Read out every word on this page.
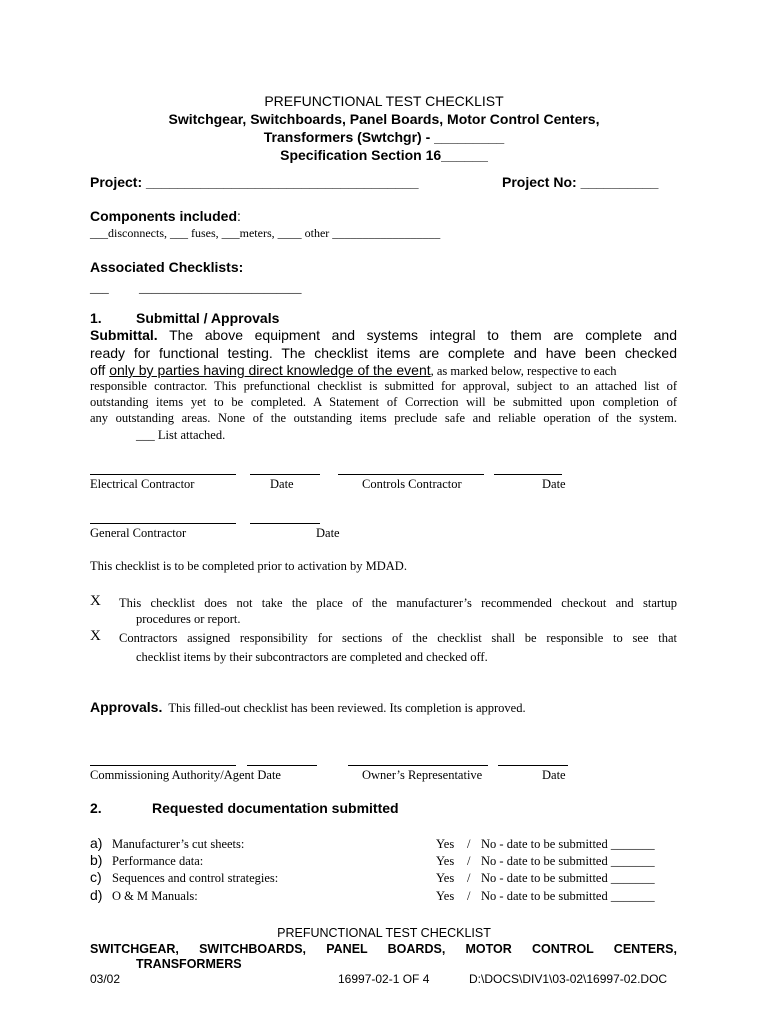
PREFUNCTIONAL TEST CHECKLIST
Switchgear, Switchboards, Panel Boards, Motor Control Centers,
Transformers (Swtchgr) - _________
Specification Section 16______
Project: ___________________________________	Project No: __________
Components included:
___disconnects, ___ fuses, ___meters, ____ other __________________
Associated Checklists:
___ __________________________
1. Submittal / Approvals
Submittal. The above equipment and systems integral to them are complete and
ready for functional testing. The checklist items are complete and have been checked
off only by parties having direct knowledge of the event, as marked below, respective to each
responsible contractor. This prefunctional checklist is submitted for approval, subject to an attached list of
outstanding items yet to be completed. A Statement of Correction will be submitted upon completion of
any outstanding areas. None of the outstanding items preclude safe and reliable operation of the system.
___ List attached.
Electrical Contractor	Date	Controls Contractor	Date
General Contractor	Date
This checklist is to be completed prior to activation by MDAD.
X This checklist does not take the place of the manufacturer’s recommended checkout and startup
procedures or report.
X Contractors assigned responsibility for sections of the checklist shall be responsible to see that
checklist items by their subcontractors are completed and checked off.
Approvals. This filled-out checklist has been reviewed. Its completion is approved.
Commissioning Authority/Agent Date	Owner’s Representative	Date
2.	Requested documentation submitted
a) Manufacturer’s cut sheets:	Yes / No - date to be submitted _______
b) Performance data:	Yes / No - date to be submitted _______
c) Sequences and control strategies:	Yes / No - date to be submitted _______
d) O & M Manuals:	Yes / No - date to be submitted _______
PREFUNCTIONAL TEST CHECKLIST
SWITCHGEAR, SWITCHBOARDS, PANEL BOARDS, MOTOR CONTROL CENTERS,
TRANSFORMERS
03/02	16997-02-1 OF 4	D:\DOCS\DIV1\03-02\16997-02.DOC
